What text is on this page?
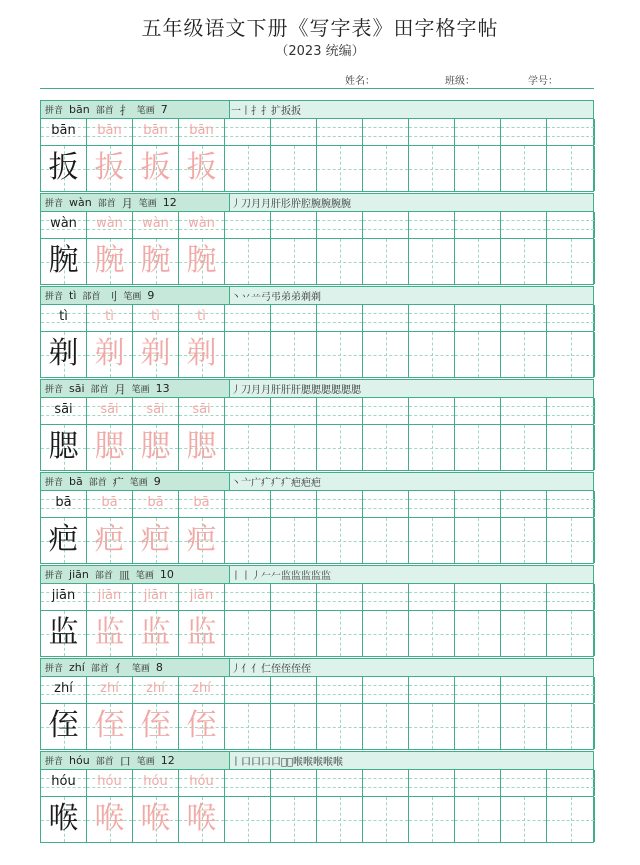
五年级语文下册《写字表》田字格字帖
（2023 统编）
姓名：	班级：	学号：
拼音 bān 部首 扌 笔画 7	一丨扌扌扩扳扳
bān	bān	bān	bān
扳 扳 扳 扳
拼音 wàn 部首 月 笔画 12	丿刀月月肝肜肸腔腕腕腕腕
wàn	wàn	wàn	wàn
腕 腕 腕 腕
拼音 tì 部首 刂 笔画 9	丶丷䒑弓弔弟弟剃剃
tì	tì	tì	tì
剃 剃 剃 剃
拼音 sāi 部首 月 笔画 13	丿刀月月肝肝肝腮腮腮腮腮腮
sāi	sāi	sāi	sāi
腮 腮 腮 腮
拼音 bā 部首 疒 笔画 9	丶亠广疒疒疒疤疤疤
bā	bā	bā	bā
疤 疤 疤 疤
拼音 jiān 部首 皿 笔画 10	丨丨丿𠂉𠂉监监监监监
jiān	jiān	jiān	jiān
监 监 监 监
拼音 zhí 部首 亻 笔画 8	丿亻亻仁侄侄侄侄
zhí	zhí	zhí	zhí
侄 侄 侄 侄
拼音 hóu 部首 口 笔画 12	丨口口口口𠵊𠵊喉喉喉喉喉
hóu	hóu	hóu	hóu
喉 喉 喉 喉
